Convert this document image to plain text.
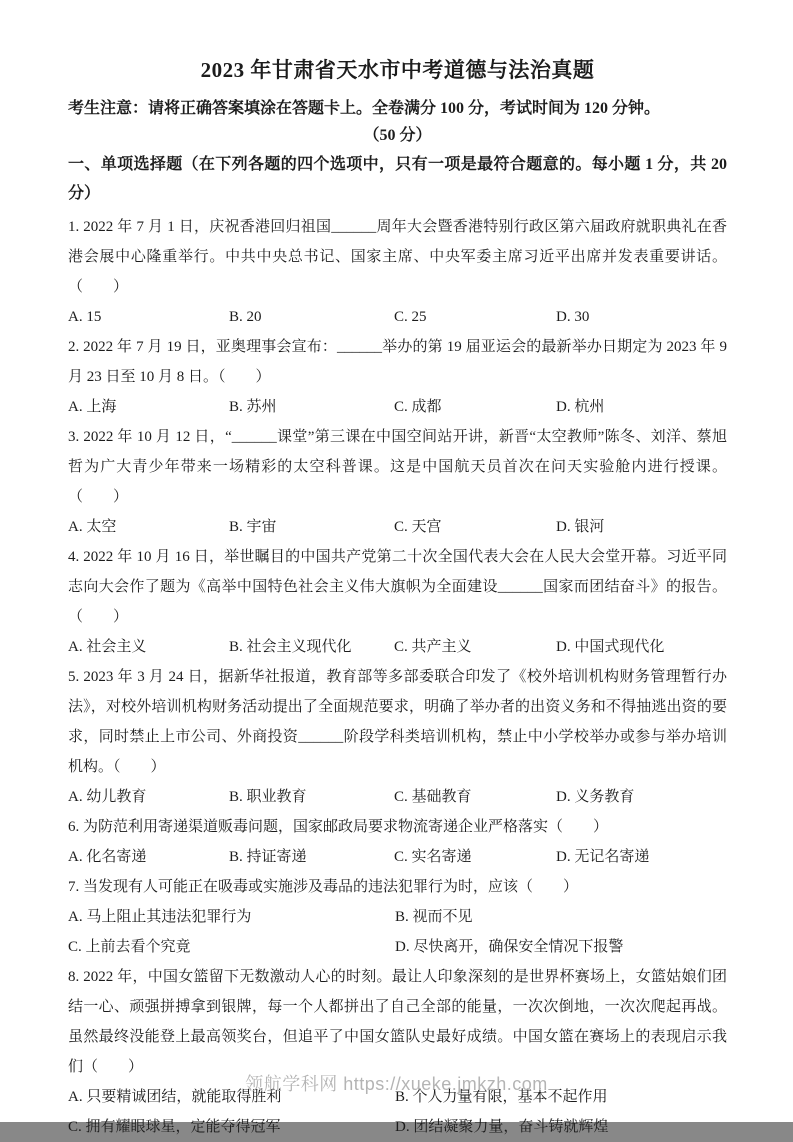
2023 年甘肃省天水市中考道德与法治真题

考生注意：请将正确答案填涂在答题卡上。全卷满分 100 分，考试时间为 120 分钟。

（50 分）

一、单项选择题（在下列各题的四个选项中，只有一项是最符合题意的。每小题 1 分，共 20 分）

1. 2022 年 7 月 1 日，庆祝香港回归祖国______周年大会暨香港特别行政区第六届政府就职典礼在香港会展中心隆重举行。中共中央总书记、国家主席、中央军委主席习近平出席并发表重要讲话。（　　）

A. 15	B. 20	C. 25	D. 30

2. 2022 年 7 月 19 日，亚奥理事会宣布：______举办的第 19 届亚运会的最新举办日期定为 2023 年 9 月 23 日至 10 月 8 日。（　　）

A. 上海	B. 苏州	C. 成都	D. 杭州

3. 2022 年 10 月 12 日，“______课堂”第三课在中国空间站开讲，新晋“太空教师”陈冬、刘洋、蔡旭哲为广大青少年带来一场精彩的太空科普课。这是中国航天员首次在问天实验舱内进行授课。（　　）

A. 太空	B. 宇宙	C. 天宫	D. 银河

4. 2022 年 10 月 16 日，举世瞩目的中国共产党第二十次全国代表大会在人民大会堂开幕。习近平同志向大会作了题为《高举中国特色社会主义伟大旗帜为全面建设______国家而团结奋斗》的报告。（　　）

A. 社会主义	B. 社会主义现代化	C. 共产主义	D. 中国式现代化

5. 2023 年 3 月 24 日，据新华社报道，教育部等多部委联合印发了《校外培训机构财务管理暂行办法》，对校外培训机构财务活动提出了全面规范要求，明确了举办者的出资义务和不得抽逃出资的要求，同时禁止上市公司、外商投资______阶段学科类培训机构，禁止中小学校举办或参与举办培训机构。（　　）

A. 幼儿教育	B. 职业教育	C. 基础教育	D. 义务教育

6. 为防范利用寄递渠道贩毒问题，国家邮政局要求物流寄递企业严格落实（　　）

A. 化名寄递	B. 持证寄递	C. 实名寄递	D. 无记名寄递

7. 当发现有人可能正在吸毒或实施涉及毒品的违法犯罪行为时，应该（　　）

A. 马上阻止其违法犯罪行为	B. 视而不见
C. 上前去看个究竟	D. 尽快离开，确保安全情况下报警

8. 2022 年，中国女篮留下无数激动人心的时刻。最让人印象深刻的是世界杯赛场上，女篮姑娘们团结一心、顽强拼搏拿到银牌，每一个人都拼出了自己全部的能量，一次次倒地，一次次爬起再战。虽然最终没能登上最高领奖台，但追平了中国女篮队史最好成绩。中国女篮在赛场上的表现启示我们（　　）

A. 只要精诚团结，就能取得胜利	B. 个人力量有限，基本不起作用
C. 拥有耀眼球星，定能夺得冠军	D. 团结凝聚力量，奋斗铸就辉煌
领航学科网 https://xueke.jmkzh.com
